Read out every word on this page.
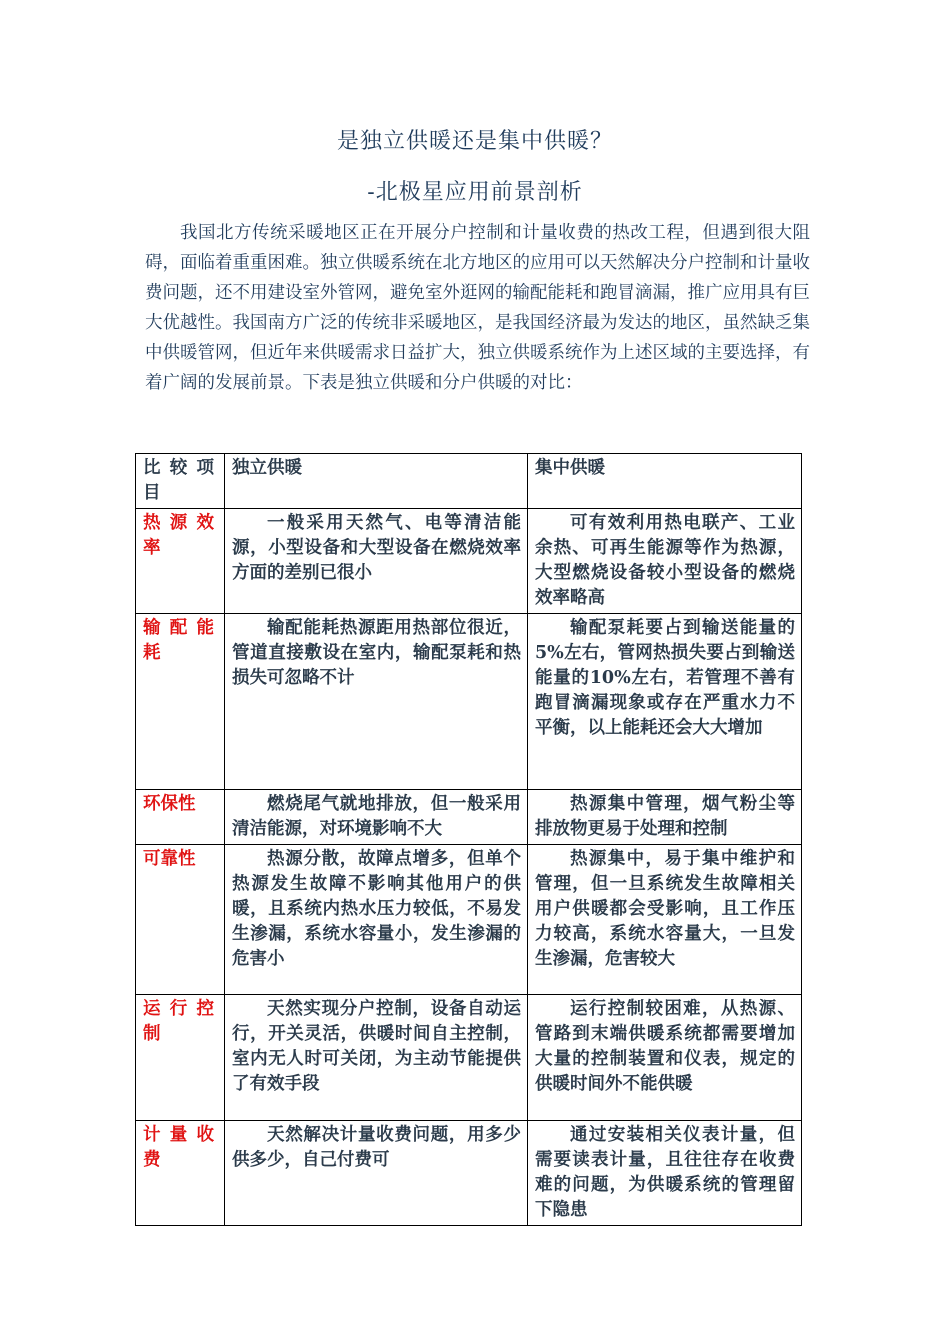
是独立供暖还是集中供暖？
-北极星应用前景剖析

我国北方传统采暖地区正在开展分户控制和计量收费的热改工程，但遇到很大阻碍，面临着重重困难。独立供暖系统在北方地区的应用可以天然解决分户控制和计量收费问题，还不用建设室外管网，避免室外逛网的输配能耗和跑冒滴漏，推广应用具有巨大优越性。我国南方广泛的传统非采暖地区，是我国经济最为发达的地区，虽然缺乏集中供暖管网，但近年来供暖需求日益扩大，独立供暖系统作为上述区域的主要选择，有着广阔的发展前景。下表是独立供暖和分户供暖的对比：

比较项目	独立供暖	集中供暖
热源效率	一般采用天然气、电等清洁能源，小型设备和大型设备在燃烧效率方面的差别已很小	可有效利用热电联产、工业余热、可再生能源等作为热源，大型燃烧设备较小型设备的燃烧效率略高
输配能耗	输配能耗热源距用热部位很近，管道直接敷设在室内，输配泵耗和热损失可忽略不计	输配泵耗要占到输送能量的5%左右，管网热损失要占到输送能量的10%左右，若管理不善有跑冒滴漏现象或存在严重水力不平衡，以上能耗还会大大增加
环保性	燃烧尾气就地排放，但一般采用清洁能源，对环境影响不大	热源集中管理，烟气粉尘等排放物更易于处理和控制
可靠性	热源分散，故障点增多，但单个热源发生故障不影响其他用户的供暖，且系统内热水压力较低，不易发生渗漏，系统水容量小，发生渗漏的危害小	热源集中，易于集中维护和管理，但一旦系统发生故障相关用户供暖都会受影响，且工作压力较高，系统水容量大，一旦发生渗漏，危害较大
运行控制	天然实现分户控制，设备自动运行，开关灵活，供暖时间自主控制，室内无人时可关闭，为主动节能提供了有效手段	运行控制较困难，从热源、管路到末端供暖系统都需要增加大量的控制装置和仪表，规定的供暖时间外不能供暖
计量收费	天然解决计量收费问题，用多少供多少，自己付费可	通过安装相关仪表计量，但需要读表计量，且往往存在收费难的问题，为供暖系统的管理留下隐患
